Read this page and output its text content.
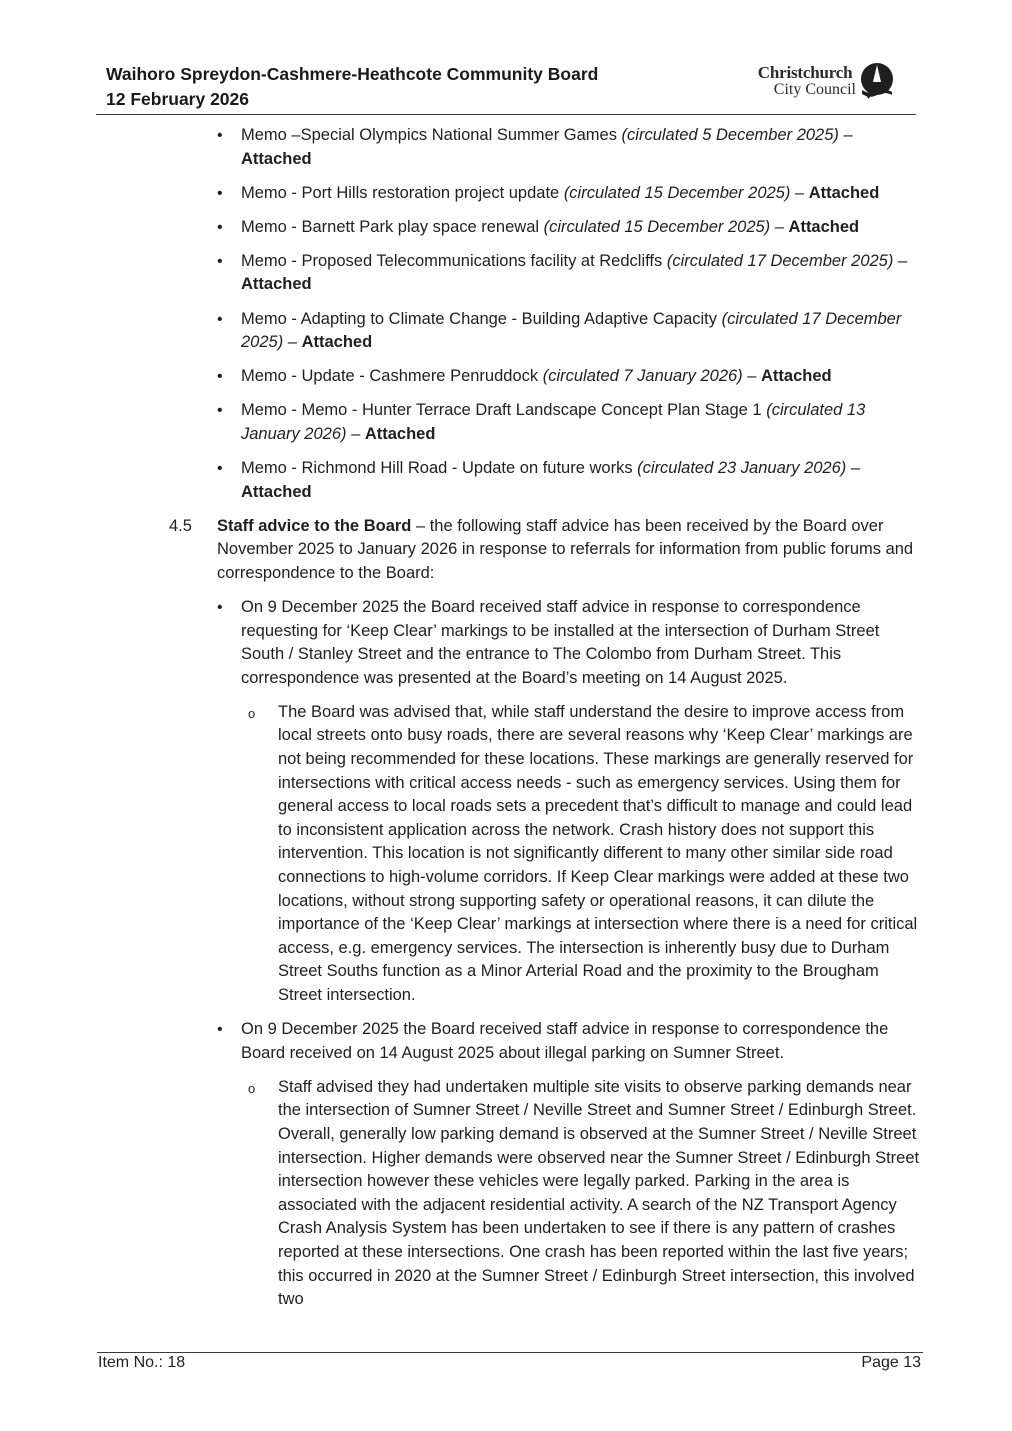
Waihoro Spreydon-Cashmere-Heathcote Community Board
12 February 2026
Christchurch
City Council
• Memo –Special Olympics National Summer Games (circulated 5 December 2025) – Attached
• Memo - Port Hills restoration project update (circulated 15 December 2025) – Attached
• Memo - Barnett Park play space renewal (circulated 15 December 2025) – Attached
• Memo - Proposed Telecommunications facility at Redcliffs (circulated 17 December 2025) – Attached
• Memo - Adapting to Climate Change - Building Adaptive Capacity (circulated 17 December 2025) – Attached
• Memo - Update - Cashmere Penruddock (circulated 7 January 2026) – Attached
• Memo - Memo - Hunter Terrace Draft Landscape Concept Plan Stage 1 (circulated 13 January 2026) – Attached
• Memo - Richmond Hill Road - Update on future works (circulated 23 January 2026) – Attached
4.5 Staff advice to the Board – the following staff advice has been received by the Board over November 2025 to January 2026 in response to referrals for information from public forums and correspondence to the Board:
• On 9 December 2025 the Board received staff advice in response to correspondence requesting for ‘Keep Clear’ markings to be installed at the intersection of Durham Street South / Stanley Street and the entrance to The Colombo from Durham Street. This correspondence was presented at the Board’s meeting on 14 August 2025.
o The Board was advised that, while staff understand the desire to improve access from local streets onto busy roads, there are several reasons why ‘Keep Clear’ markings are not being recommended for these locations. These markings are generally reserved for intersections with critical access needs - such as emergency services. Using them for general access to local roads sets a precedent that’s difficult to manage and could lead to inconsistent application across the network. Crash history does not support this intervention. This location is not significantly different to many other similar side road connections to high-volume corridors. If Keep Clear markings were added at these two locations, without strong supporting safety or operational reasons, it can dilute the importance of the ‘Keep Clear’ markings at intersection where there is a need for critical access, e.g. emergency services. The intersection is inherently busy due to Durham Street Souths function as a Minor Arterial Road and the proximity to the Brougham Street intersection.
• On 9 December 2025 the Board received staff advice in response to correspondence the Board received on 14 August 2025 about illegal parking on Sumner Street.
o Staff advised they had undertaken multiple site visits to observe parking demands near the intersection of Sumner Street / Neville Street and Sumner Street / Edinburgh Street. Overall, generally low parking demand is observed at the Sumner Street / Neville Street intersection. Higher demands were observed near the Sumner Street / Edinburgh Street intersection however these vehicles were legally parked. Parking in the area is associated with the adjacent residential activity. A search of the NZ Transport Agency Crash Analysis System has been undertaken to see if there is any pattern of crashes reported at these intersections. One crash has been reported within the last five years; this occurred in 2020 at the Sumner Street / Edinburgh Street intersection, this involved two
Item No.: 18	Page 13
